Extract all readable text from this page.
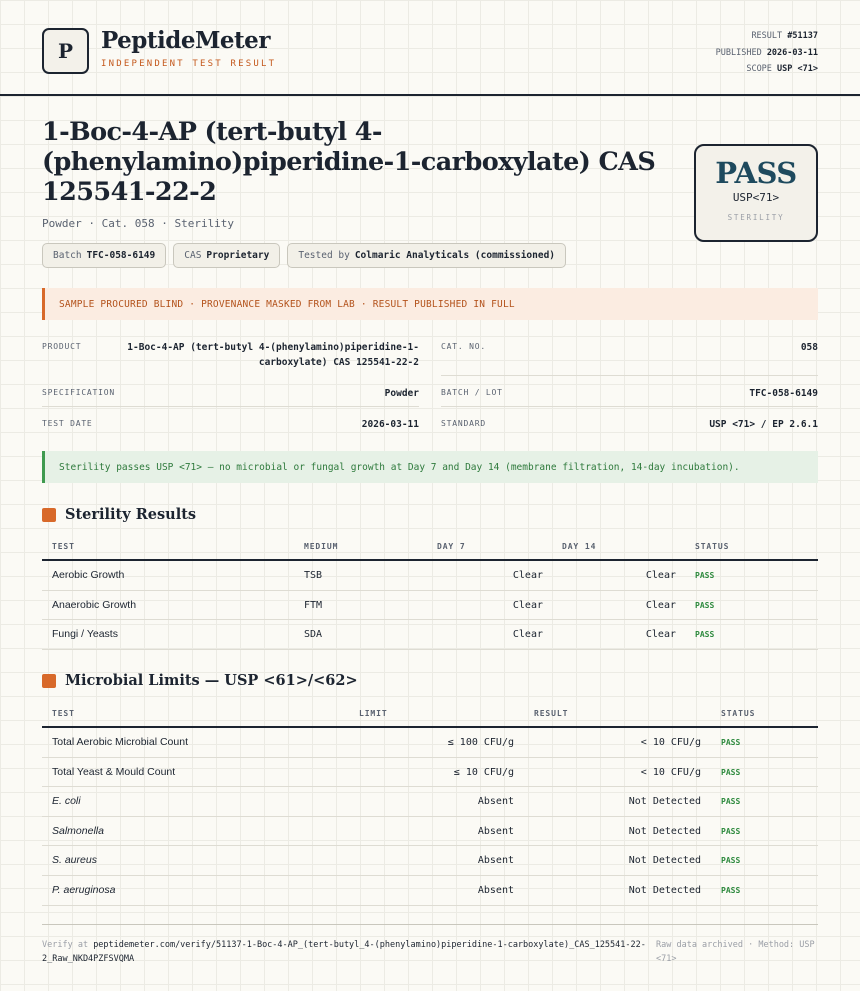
P PeptideMeter
INDEPENDENT TEST RESULT
RESULT #51137
PUBLISHED 2026-03-11
SCOPE USP <71>
1-Boc-4-AP (tert-butyl 4-(phenylamino)piperidine-1-carboxylate) CAS 125541-22-2
Powder · Cat. 058 · Sterility
Batch TFC-058-6149	CAS Proprietary	Tested by Colmaric Analyticals (commissioned)
PASS
USP<71>
STERILITY
SAMPLE PROCURED BLIND · PROVENANCE MASKED FROM LAB · RESULT PUBLISHED IN FULL
PRODUCT	1-Boc-4-AP (tert-butyl 4-(phenylamino)piperidine-1-carboxylate) CAS 125541-22-2
CAT. NO.	058
SPECIFICATION	Powder	BATCH / LOT	TFC-058-6149
TEST DATE	2026-03-11	STANDARD	USP <71> / EP 2.6.1
Sterility passes USP <71> — no microbial or fungal growth at Day 7 and Day 14 (membrane filtration, 14-day incubation).
Sterility Results
TEST	MEDIUM	DAY 7	DAY 14	STATUS
Aerobic Growth	TSB	Clear	Clear PASS
Anaerobic Growth	FTM	Clear	Clear PASS
Fungi / Yeasts	SDA	Clear	Clear PASS
Microbial Limits — USP <61>/<62>
TEST	LIMIT	RESULT	STATUS
Total Aerobic Microbial Count	≤ 100 CFU/g	< 10 CFU/g	PASS
Total Yeast & Mould Count	≤ 10 CFU/g	< 10 CFU/g	PASS
E. coli	Absent	Not Detected	PASS
Salmonella	Absent	Not Detected	PASS
S. aureus	Absent	Not Detected	PASS
P. aeruginosa	Absent	Not Detected	PASS
Verify at peptidemeter.com/verify/51137-1-Boc-4-AP_(tert-butyl_4-(phenylamino)piperidine-1-carboxylate)_CAS_125541-22-2_Raw_NKD4PZFSVQMA
Raw data archived · Method: USP <71>
